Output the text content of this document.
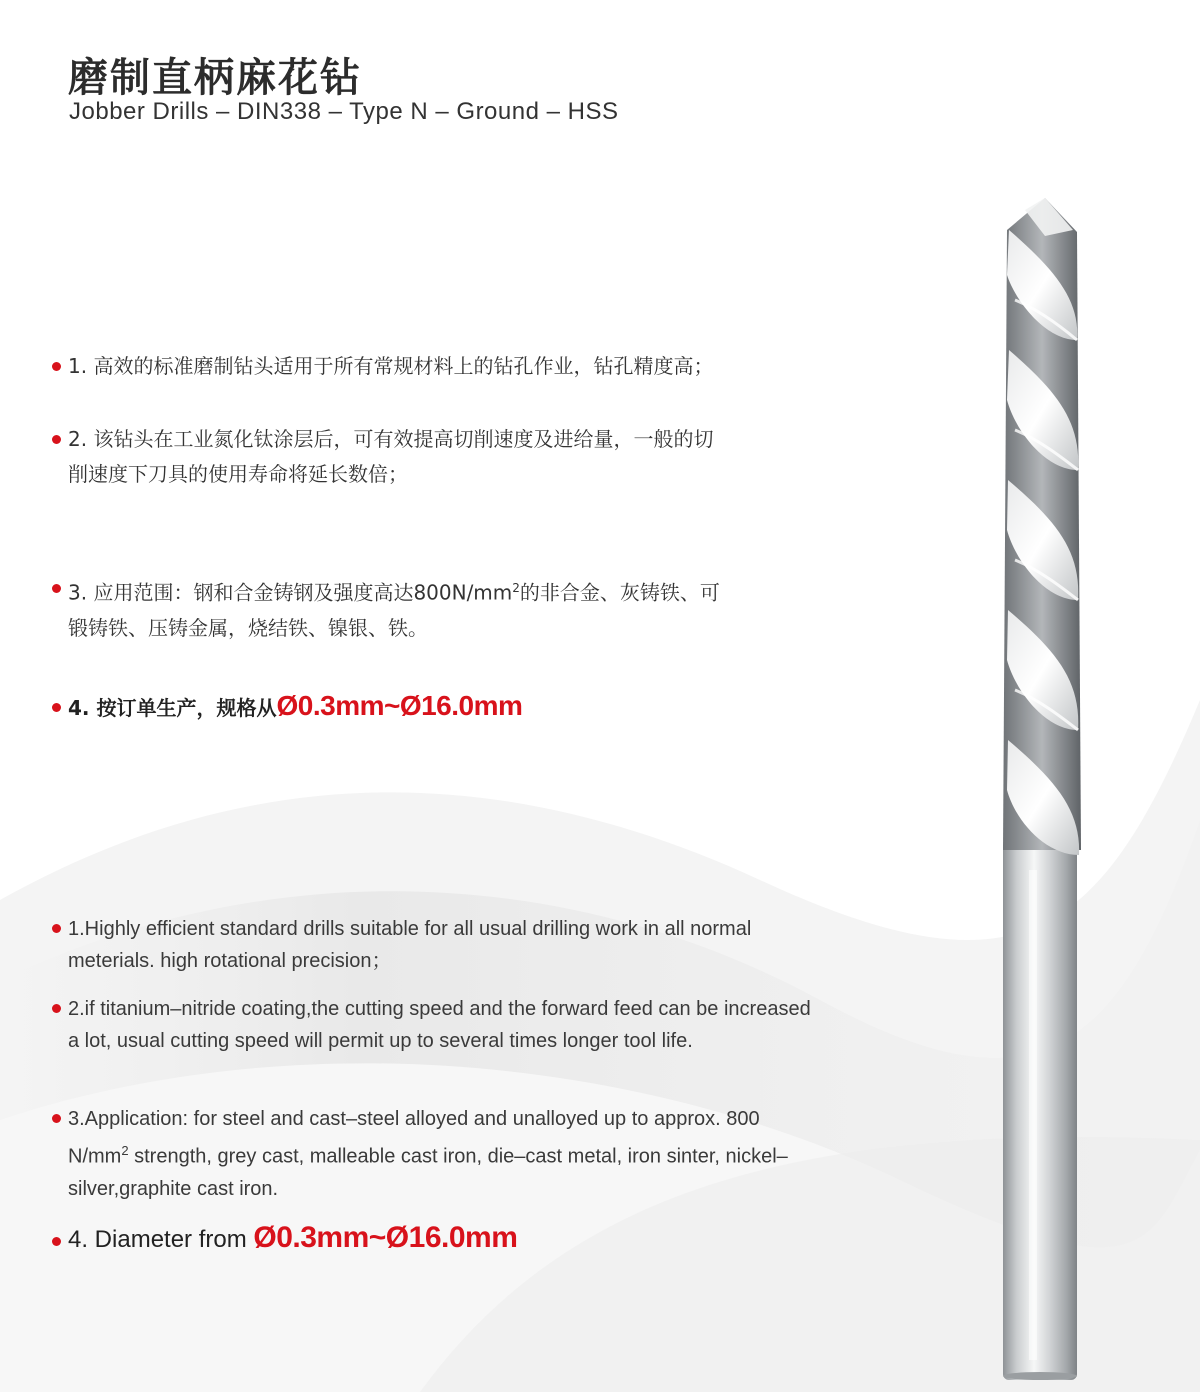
磨制直柄麻花钻
Jobber Drills – DIN338 – Type N – Ground – HSS
1. 高效的标准磨制钻头适用于所有常规材料上的钻孔作业，钻孔精度高；
2. 该钻头在工业氮化钛涂层后，可有效提高切削速度及进给量，一般的切
削速度下刀具的使用寿命将延长数倍；
3. 应用范围：钢和合金铸钢及强度高达$800N/mm^2$的非合金、灰铸铁、可
锻铸铁、压铸金属，烧结铁、镍银、铁。
4. 按订单生产，规格从Ø0.3mm~Ø16.0mm
1.Highly efficient standard drills suitable for all usual drilling work in all normal meterials. high rotational precision；
2.if titanium–nitride coating,the cutting speed and the forward feed can be increased a lot, usual cutting speed will permit up to several times longer tool life.
3.Application: for steel and cast–steel alloyed and unalloyed up to approx. 800 $N/mm^2$ strength, grey cast, malleable cast iron, die–cast metal, iron sinter, nickel–silver,graphite cast iron.
4. Diameter from Ø0.3mm~Ø16.0mm
